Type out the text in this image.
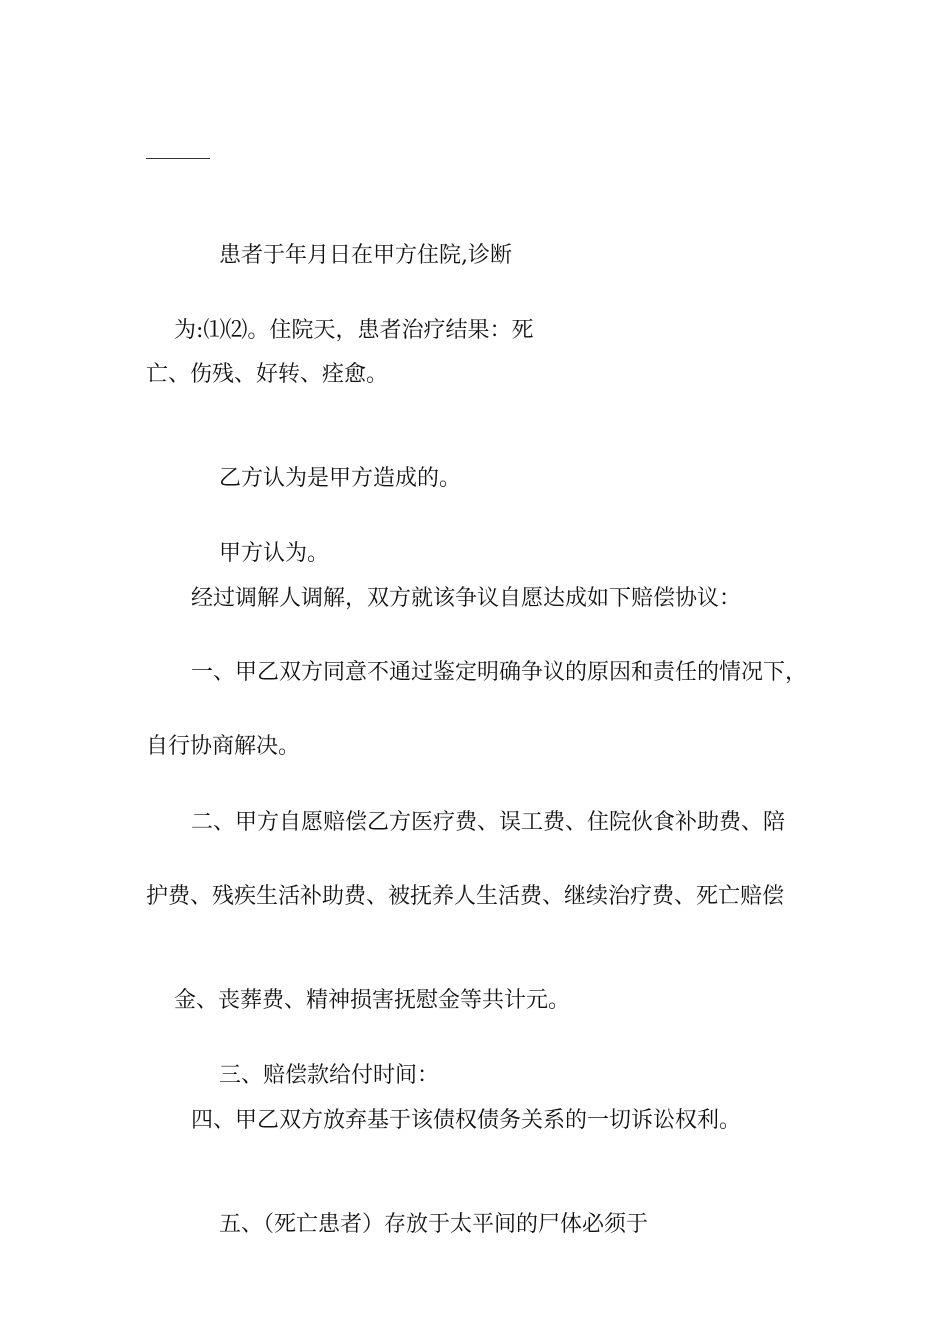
患者于年月日在甲方住院,诊断

为:⑴⑵。住院天，患者治疗结果：死

亡、伤残、好转、痊愈。

乙方认为是甲方造成的。

甲方认为。

经过调解人调解，双方就该争议自愿达成如下赔偿协议：
一、甲乙双方同意不通过鉴定明确争议的原因和责任的情况下，
自行协商解决。
二、甲方自愿赔偿乙方医疗费、误工费、住院伙食补助费、陪
护费、残疾生活补助费、被抚养人生活费、继续治疗费、死亡赔偿

金、丧葬费、精神损害抚慰金等共计元。

三、赔偿款给付时间：

四、甲乙双方放弃基于该债权债务关系的一切诉讼权利。

五、（死亡患者）存放于太平间的尸体必须于
